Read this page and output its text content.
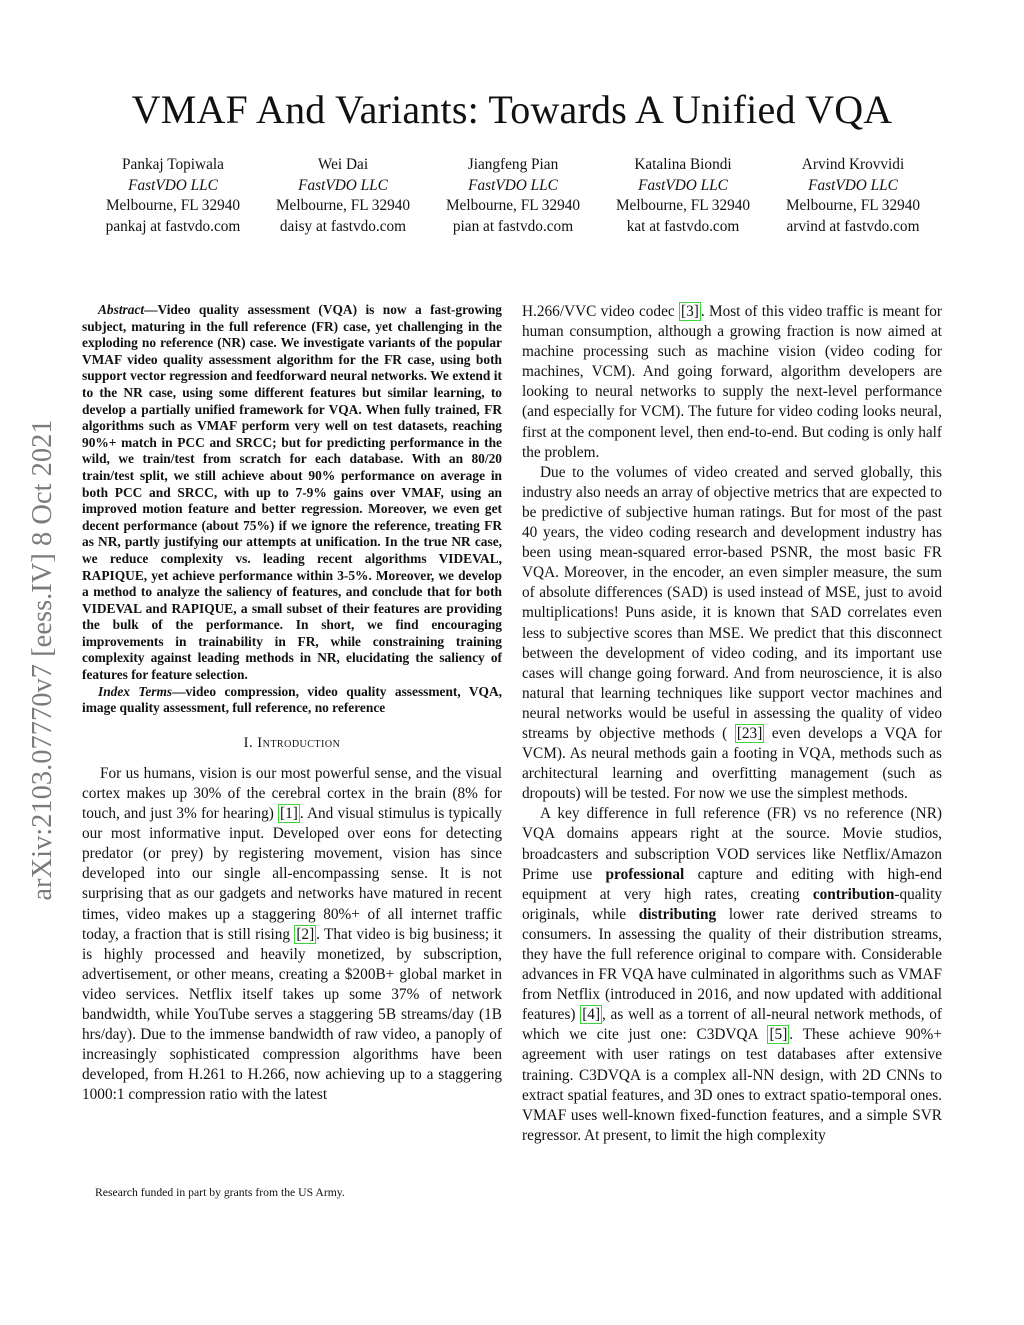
VMAF And Variants: Towards A Unified VQA
Pankaj Topiwala
FastVDO LLC
Melbourne, FL 32940
pankaj at fastvdo.com
Wei Dai
FastVDO LLC
Melbourne, FL 32940
daisy at fastvdo.com
Jiangfeng Pian
FastVDO LLC
Melbourne, FL 32940
pian at fastvdo.com
Katalina Biondi
FastVDO LLC
Melbourne, FL 32940
kat at fastvdo.com
Arvind Krovvidi
FastVDO LLC
Melbourne, FL 32940
arvind at fastvdo.com
arXiv:2103.07770v7 [eess.IV] 8 Oct 2021

Abstract—Video quality assessment (VQA) is now a fast-growing subject, maturing in the full reference (FR) case, yet challenging in the exploding no reference (NR) case. We investigate variants of the popular VMAF video quality assessment algorithm for the FR case, using both support vector regression and feedforward neural networks. We extend it to the NR case, using some different features but similar learning, to develop a partially unified framework for VQA. When fully trained, FR algorithms such as VMAF perform very well on test datasets, reaching 90%+ match in PCC and SRCC; but for predicting performance in the wild, we train/test from scratch for each database. With an 80/20 train/test split, we still achieve about 90% performance on average in both PCC and SRCC, with up to 7-9% gains over VMAF, using an improved motion feature and better regression. Moreover, we even get decent performance (about 75%) if we ignore the reference, treating FR as NR, partly justifying our attempts at unification. In the true NR case, we reduce complexity vs. leading recent algorithms VIDEVAL, RAPIQUE, yet achieve performance within 3-5%. Moreover, we develop a method to analyze the saliency of features, and conclude that for both VIDEVAL and RAPIQUE, a small subset of their features are providing the bulk of the performance. In short, we find encouraging improvements in trainability in FR, while constraining training complexity against leading methods in NR, elucidating the saliency of features for feature selection.

Index Terms—video compression, video quality assessment, VQA, image quality assessment, full reference, no reference

I. Introduction

For us humans, vision is our most powerful sense, and the visual cortex makes up 30% of the cerebral cortex in the brain (8% for touch, and just 3% for hearing) [1] . And visual stimulus is typically our most informative input. Developed over eons for detecting predator (or prey) by registering movement, vision has since developed into our single all-encompassing sense. It is not surprising that as our gadgets and networks have matured in recent times, video makes up a staggering 80%+ of all internet traffic today, a fraction that is still rising [2] . That video is big business; it is highly processed and heavily monetized, by subscription, advertisement, or other means, creating a $200B+ global market in video services. Netflix itself takes up some 37% of network bandwidth, while YouTube serves a staggering 5B streams/day (1B hrs/day). Due to the immense bandwidth of raw video, a panoply of increasingly sophisticated compression algorithms have been developed, from H.261 to H.266, now achieving up to a staggering 1000:1 compression ratio with the latest

Research funded in part by grants from the US Army.

H.266/VVC video codec [3] . Most of this video traffic is meant for human consumption, although a growing fraction is now aimed at machine processing such as machine vision (video coding for machines, VCM). And going forward, algorithm developers are looking to neural networks to supply the next-level performance (and especially for VCM). The future for video coding looks neural, first at the component level, then end-to-end. But coding is only half the problem.

Due to the volumes of video created and served globally, this industry also needs an array of objective metrics that are expected to be predictive of subjective human ratings. But for most of the past 40 years, the video coding research and development industry has been using mean-squared error-based PSNR, the most basic FR VQA. Moreover, in the encoder, an even simpler measure, the sum of absolute differences (SAD) is used instead of MSE, just to avoid multiplications! Puns aside, it is known that SAD correlates even less to subjective scores than MSE. We predict that this disconnect between the development of video coding, and its important use cases will change going forward. And from neuroscience, it is also natural that learning techniques like support vector machines and neural networks would be useful in assessing the quality of video streams by objective methods ( [23] even develops a VQA for VCM). As neural methods gain a footing in VQA, methods such as architectural learning and overfitting management (such as dropouts) will be tested. For now we use the simplest methods.

A key difference in full reference (FR) vs no reference (NR) VQA domains appears right at the source. Movie studios, broadcasters and subscription VOD services like Netflix/Amazon Prime use professional capture and editing with high-end equipment at very high rates, creating contribution-quality originals, while distributing lower rate derived streams to consumers. In assessing the quality of their distribution streams, they have the full reference original to compare with. Considerable advances in FR VQA have culminated in algorithms such as VMAF from Netflix (introduced in 2016, and now updated with additional features) [4] , as well as a torrent of all-neural network methods, of which we cite just one: C3DVQA [5] . These achieve 90%+ agreement with user ratings on test databases after extensive training. C3DVQA is a complex all-NN design, with 2D CNNs to extract spatial features, and 3D ones to extract spatio-temporal ones. VMAF uses well-known fixed-function features, and a simple SVR regressor. At present, to limit the high complexity
